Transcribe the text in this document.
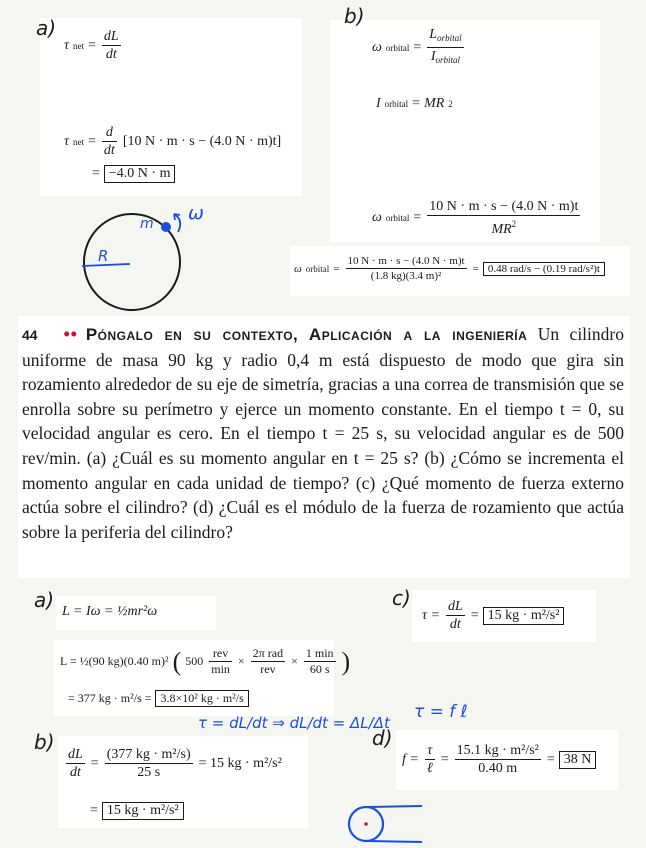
a)
τ net = $\frac{dL}{dt}$
τ net = $\frac{d}{dt} [10$ N · m · s − (4.0 N · m)t]
= −4.0 N · m
b)
ω orbital = $\frac{L_{orbital}}{I_{orbital}}$
I orbital = MR 2
ω orbital = $\frac{10 N \cdot m \cdot s - (4.0 N \cdot m)t}{MR^2}$
ω orbital = $\frac{10 N \cdot m \cdot s - (4.0 N \cdot m)t}{\text{(1.8 kg)(3.4 m)²}} = 0.48$ rad/s − (0.19 rad/s²)t
R
m ω
44 •• Póngalo en su contexto, Aplicación a la ingeniería Un cilindro uniforme de masa 90 kg y radio 0,4 m está dispuesto de modo que gira sin rozamiento alrededor de su eje de simetría, gracias a una correa de transmisión que se enrolla sobre su perímetro y ejerce un momento constante. En el tiempo t = 0, su velocidad angular es cero. En el tiempo t = 25 s, su velocidad angular es de 500 rev/min. (a) ¿Cuál es su momento angular en t = 25 s? (b) ¿Cómo se incrementa el momento angular en cada unidad de tiempo? (c) ¿Qué momento de fuerza externo actúa sobre el cilindro? (d) ¿Cuál es el módulo de la fuerza de rozamiento que actúa sobre la periferia del cilindro?
a) L = Iω = ½mr²ω
L = ½(90 kg)(0.40 m)² ( $500 \frac{\text{rev}}{\min} \times \frac{\text{2π rad}}{\text{rev}} \times \frac{1 \min}{60 s}$ )
= 377 kg · m²/s = 3.8×10² kg · m²/s
c)
$\tau = \frac{dL}{dt} = 15$ kg · m²/s²
τ = dL/dt ⇒ dL/dt = ΔL/Δt
b)
$\frac{dL}{dt} = \frac{\text{(377 kg · m²/s)}}{25 s} = 15$ kg · m²/s²
= 15 kg · m²/s²
τ = f ℓ
d)
$f = \frac{\tau}{\text{ℓ}} = \frac{\text{15.1 kg · m²/s²}}{0.40 m} = 38$ N
